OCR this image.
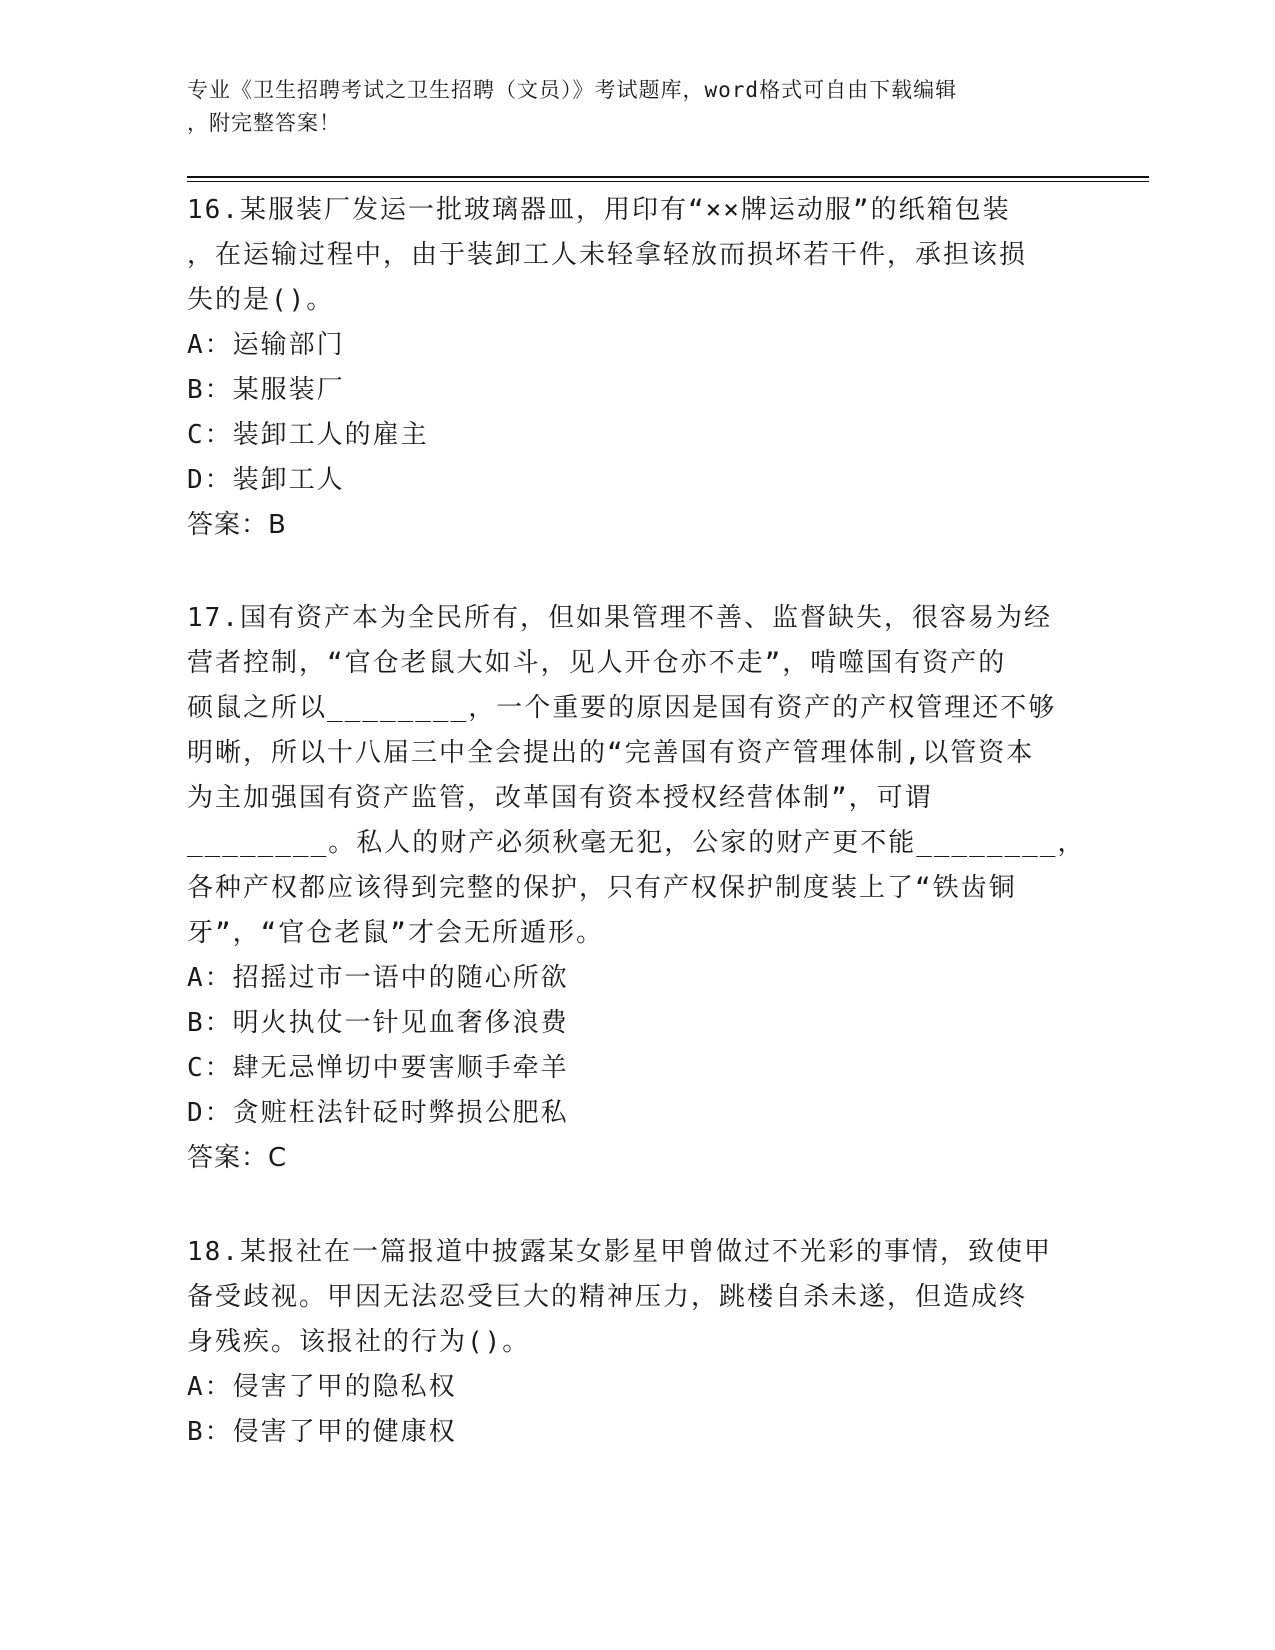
专业《卫生招聘考试之卫生招聘（文员）》考试题库，word格式可自由下载编辑
，附完整答案！
16.某服装厂发运一批玻璃器皿，用印有“××牌运动服”的纸箱包装
，在运输过程中，由于装卸工人未轻拿轻放而损坏若干件，承担该损
失的是()。
A：运输部门
B：某服装厂
C：装卸工人的雇主
D：装卸工人
答案：B
17.国有资产本为全民所有，但如果管理不善、监督缺失，很容易为经
营者控制，“官仓老鼠大如斗，见人开仓亦不走”，啃噬国有资产的
硕鼠之所以________，一个重要的原因是国有资产的产权管理还不够
明晰，所以十八届三中全会提出的“完善国有资产管理体制,以管资本
为主加强国有资产监管，改革国有资本授权经营体制”，可谓
________。私人的财产必须秋毫无犯，公家的财产更不能________，
各种产权都应该得到完整的保护，只有产权保护制度装上了“铁齿铜
牙”，“官仓老鼠”才会无所遁形。
A：招摇过市一语中的随心所欲
B：明火执仗一针见血奢侈浪费
C：肆无忌惮切中要害顺手牵羊
D：贪赃枉法针砭时弊损公肥私
答案：C
18.某报社在一篇报道中披露某女影星甲曾做过不光彩的事情，致使甲
备受歧视。甲因无法忍受巨大的精神压力，跳楼自杀未遂，但造成终
身残疾。该报社的行为()。
A：侵害了甲的隐私权
B：侵害了甲的健康权
